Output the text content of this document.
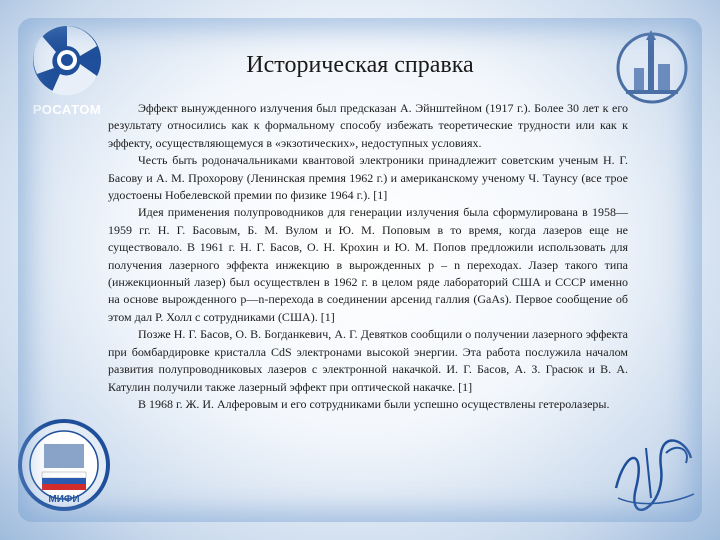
РОСАТОМ
МИФИ
Историческая справка

Эффект вынужденного излучения был предсказан А. Эйнштейном (1917 г.). Более 30 лет к его результату относились как к формальному способу избежать теоретические трудности или как к эффекту, осуществляющемуся в «экзотических», недоступных условиях.

Честь быть родоначальниками квантовой электроники принадлежит советским ученым Н. Г. Басову и А. М. Прохорову (Ленинская премия 1962 г.) и американскому ученому Ч. Таунсу (все трое удостоены Нобелевской премии по физике 1964 г.). [1]

Идея применения полупроводников для генерации излучения была сформулирована в 1958—1959 гг. Н. Г. Басовым, Б. М. Вулом и Ю. М. Поповым в то время, когда лазеров еще не существовало. В 1961 г. Н. Г. Басов, О. Н. Крохин и Ю. М. Попов предложили использовать для получения лазерного эффекта инжекцию в вырожденных р – n переходах. Лазер такого типа (инжекционный лазер) был осуществлен в 1962 г. в целом ряде лабораторий США и СССР именно на основе вырожденного р—n-перехода в соединении арсенид галлия (GaAs). Первое сообщение об этом дал Р. Холл с сотрудниками (США). [1]

Позже Н. Г. Басов, О. В. Богданкевич, А. Г. Девятков сообщили о получении лазерного эффекта при бомбардировке кристалла CdS электронами высокой энергии. Эта работа послужила началом развития полупроводниковых лазеров с электронной накачкой. И. Г. Басов, А. З. Грасюк и В. А. Катулин получили также лазерный эффект при оптической накачке. [1]

В 1968 г. Ж. И. Алферовым и его сотрудниками были успешно осуществлены гетеролазеры.
